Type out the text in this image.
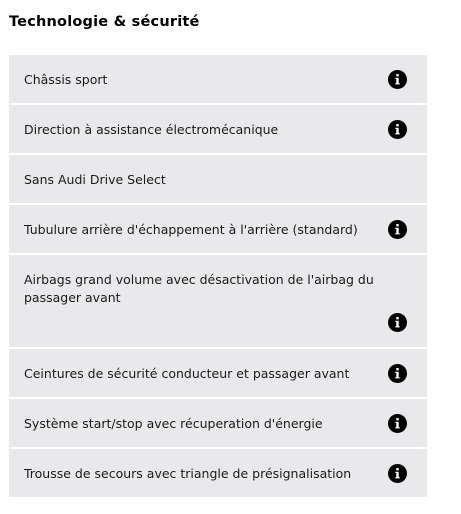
Technologie & sécurité
Châssis sport
Direction à assistance électromécanique
Sans Audi Drive Select
Tubulure arrière d'échappement à l'arrière (standard)
Airbags grand volume avec désactivation de l'airbag du passager avant
Ceintures de sécurité conducteur et passager avant
Système start/stop avec récuperation d'énergie
Trousse de secours avec triangle de présignalisation
